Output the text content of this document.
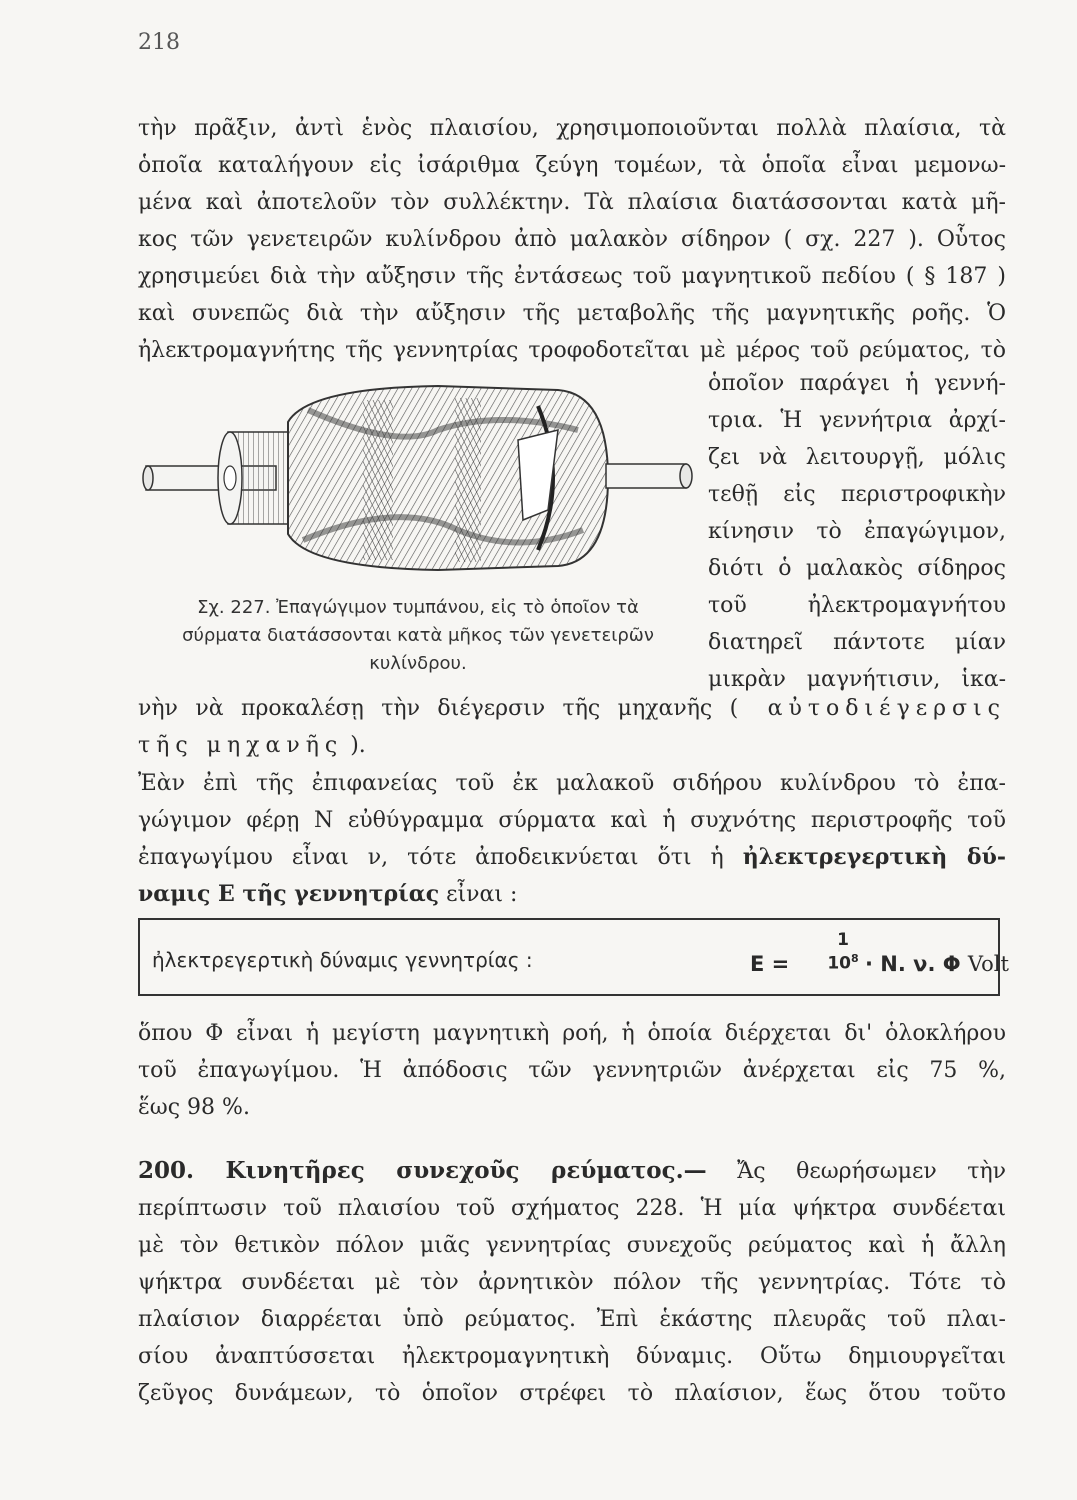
218
τὴν πρᾶξιν, ἀντὶ ἑνὸς πλαισίου, χρησιμοποιοῦνται πολλὰ πλαίσια, τὰ
ὁποῖα καταλήγουν εἰς ἰσάριθμα ζεύγη τομέων, τὰ ὁποῖα εἶναι μεμονω-
μένα καὶ ἀποτελοῦν τὸν συλλέκτην. Τὰ πλαίσια διατάσσονται κατὰ μῆ-
κος τῶν γενετειρῶν κυλίνδρου ἀπὸ μαλακὸν σίδηρον ( σχ. 227 ). Οὗτος
χρησιμεύει διὰ τὴν αὔξησιν τῆς ἐντάσεως τοῦ μαγνητικοῦ πεδίου ( § 187 )
καὶ συνεπῶς διὰ τὴν αὔξησιν τῆς μεταβολῆς τῆς μαγνητικῆς ροῆς. Ὁ
ἠλεκτρομαγνήτης τῆς γεννητρίας τροφοδοτεῖται μὲ μέρος τοῦ ρεύματος, τὸ
ὁποῖον παράγει ἡ γεννή-
τρια. Ἡ γεννήτρια ἀρχί-
ζει νὰ λειτουργῇ, μόλις
τεθῇ εἰς περιστροφικὴν
κίνησιν τὸ ἐπαγώγιμον,
διότι ὁ μαλακὸς σίδηρος
τοῦ ἠλεκτρομαγνήτου
διατηρεῖ πάντοτε μίαν
μικρὰν μαγνήτισιν, ἱκα-
Σχ. 227. Ἐπαγώγιμον τυμπάνου, εἰς τὸ ὁποῖον τὰ
σύρματα διατάσσονται κατὰ μῆκος τῶν γενετειρῶν
κυλίνδρου.
νὴν νὰ προκαλέσῃ τὴν διέγερσιν τῆς μηχανῆς ( αὐτοδιέγερσις
τῆς μηχανῆς ).
Ἐὰν ἐπὶ τῆς ἐπιφανείας τοῦ ἐκ μαλακοῦ σιδήρου κυλίνδρου τὸ ἐπα-
γώγιμον φέρῃ Ν εὐθύγραμμα σύρματα καὶ ἡ συχνότης περιστροφῆς τοῦ
ἐπαγωγίμου εἶναι ν, τότε ἀποδεικνύεται ὅτι ἡ ἠλεκτρεγερτικὴ δύ-
ναμις Ε τῆς γεννητρίας εἶναι :
ἠλεκτρεγερτικὴ δύναμις γεννητρίας :	Ε =
1
$10^8 \cdot N$. ν. Φ Volt
ὅπου Φ εἶναι ἡ μεγίστη μαγνητικὴ ροή, ἡ ὁποία διέρχεται δι' ὁλοκλήρου
τοῦ ἐπαγωγίμου. Ἡ ἀπόδοσις τῶν γεννητριῶν ἀνέρχεται εἰς 75 %,
ἕως 98 %.
200. Κινητῆρες συνεχοῦς ρεύματος.— Ἄς θεωρήσωμεν τὴν
περίπτωσιν τοῦ πλαισίου τοῦ σχήματος 228. Ἡ μία ψήκτρα συνδέεται
μὲ τὸν θετικὸν πόλον μιᾶς γεννητρίας συνεχοῦς ρεύματος καὶ ἡ ἄλλη
ψήκτρα συνδέεται μὲ τὸν ἀρνητικὸν πόλον τῆς γεννητρίας. Τότε τὸ
πλαίσιον διαρρέεται ὑπὸ ρεύματος. Ἐπὶ ἑκάστης πλευρᾶς τοῦ πλαι-
σίου ἀναπτύσσεται ἠλεκτρομαγνητικὴ δύναμις. Οὕτω δημιουργεῖται
ζεῦγος δυνάμεων, τὸ ὁποῖον στρέφει τὸ πλαίσιον, ἕως ὅτου τοῦτο
